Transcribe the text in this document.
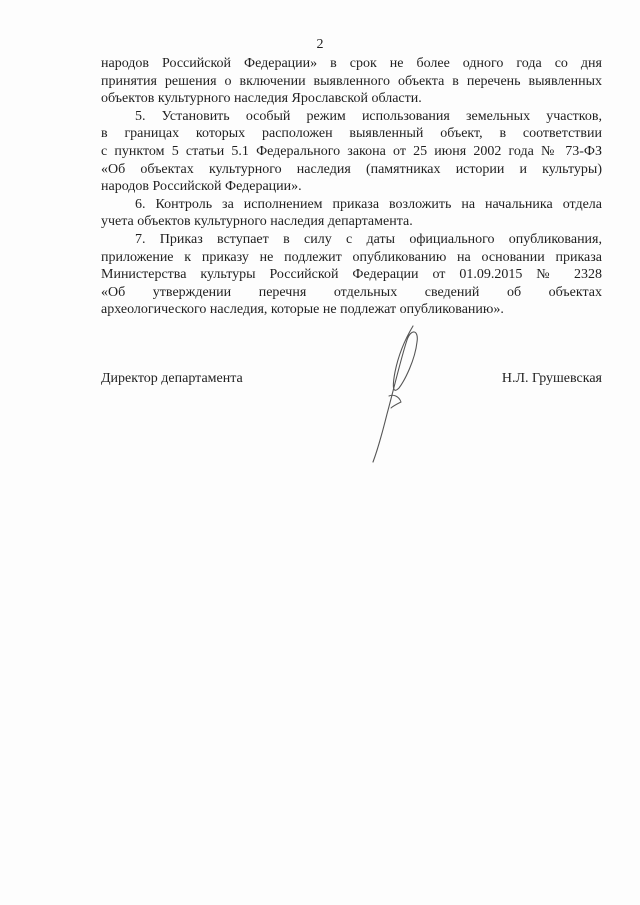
2
народов Российской Федерации» в срок не более одного года со дня
принятия решения о включении выявленного объекта в перечень выявленных
объектов культурного наследия Ярославской области.
5. Установить особый режим использования земельных участков,
в границах которых расположен выявленный объект, в соответствии
с пунктом 5 статьи 5.1 Федерального закона от 25 июня 2002 года № 73-ФЗ
«Об объектах культурного наследия (памятниках истории и культуры)
народов Российской Федерации».
6. Контроль за исполнением приказа возложить на начальника отдела
учета объектов культурного наследия департамента.
7. Приказ вступает в силу с даты официального опубликования,
приложение к приказу не подлежит опубликованию на основании приказа
Министерства культуры Российской Федерации от 01.09.2015 № 2328
«Об утверждении перечня отдельных сведений об объектах
археологического наследия, которые не подлежат опубликованию».
Директор департамента	Н.Л. Грушевская
